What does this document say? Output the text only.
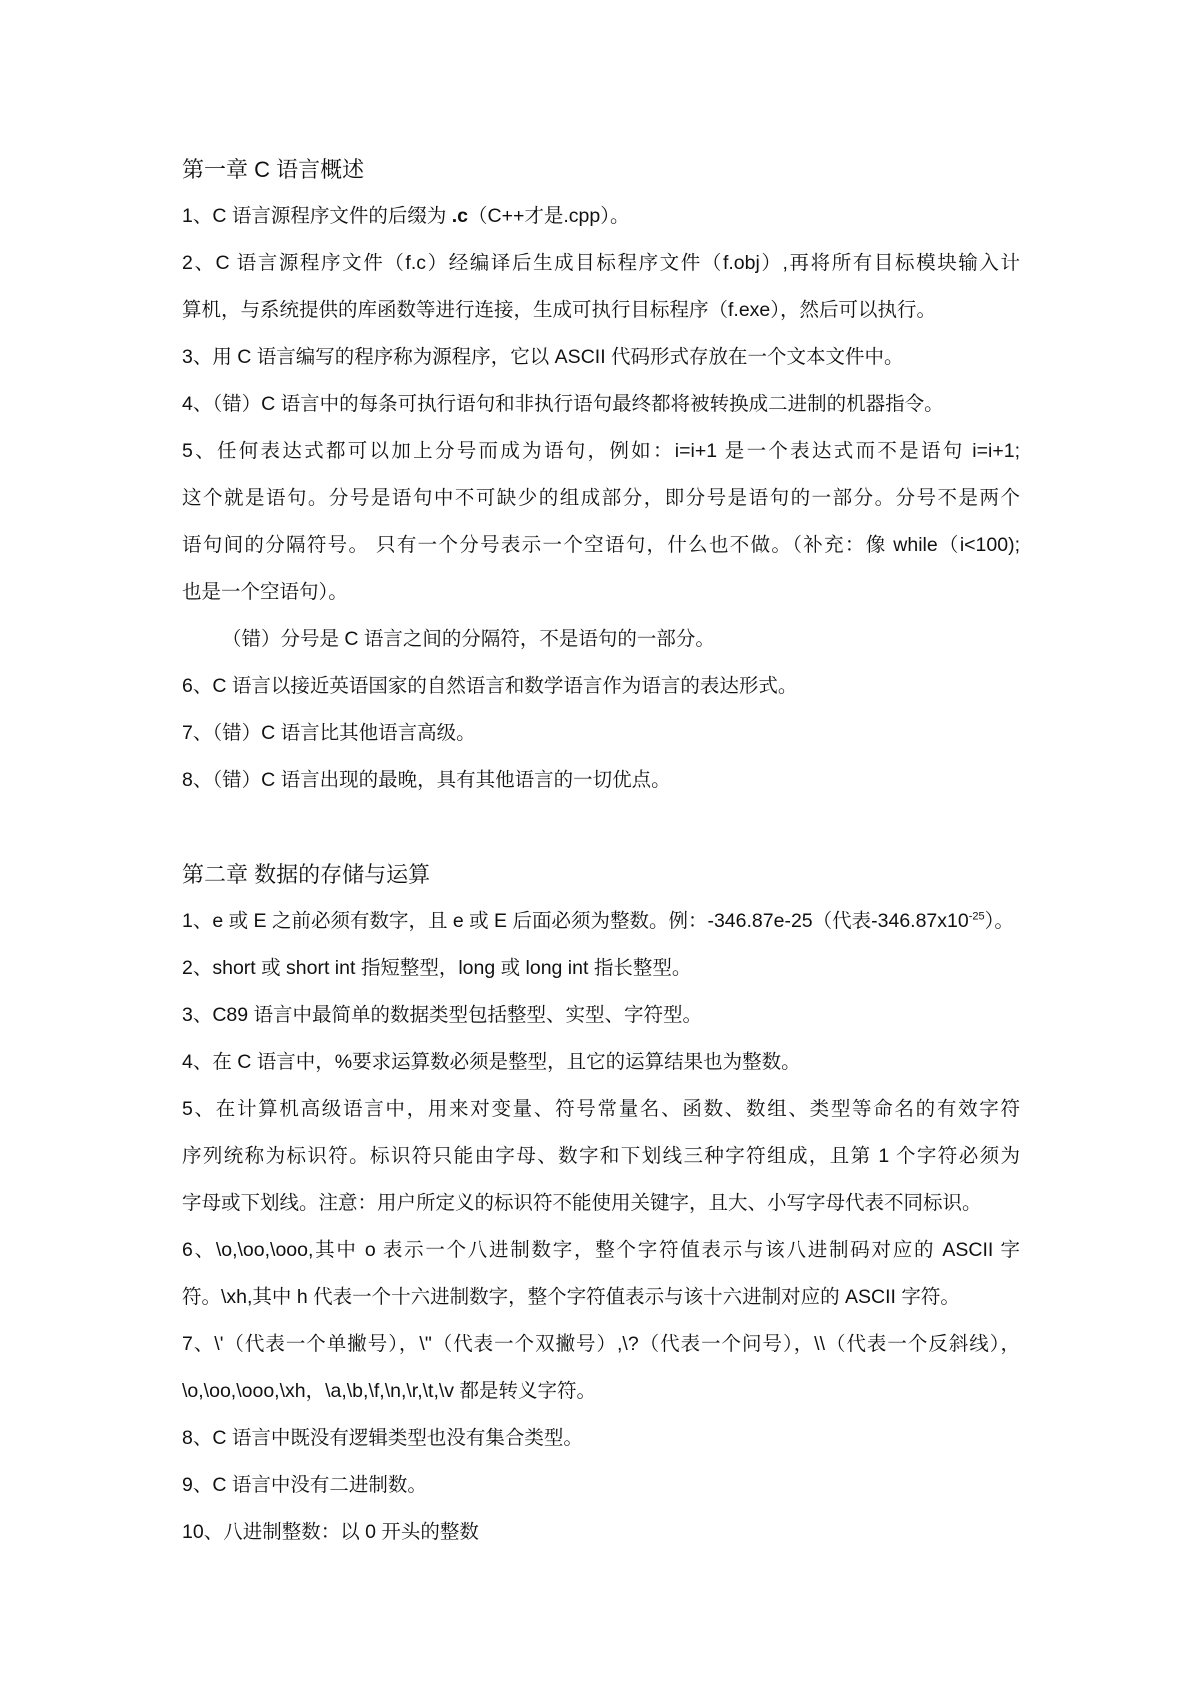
第一章 C 语言概述
1、C 语言源程序文件的后缀为 .c（C++才是.cpp）。
2、C 语言源程序文件（f.c）经编译后生成目标程序文件（f.obj）,再将所有目标模块输入计
算机，与系统提供的库函数等进行连接，生成可执行目标程序（f.exe），然后可以执行。
3、用 C 语言编写的程序称为源程序，它以 ASCII 代码形式存放在一个文本文件中。
4、（错）C 语言中的每条可执行语句和非执行语句最终都将被转换成二进制的机器指令。
5、任何表达式都可以加上分号而成为语句，例如：i=i+1 是一个表达式而不是语句 i=i+1;
这个就是语句。分号是语句中不可缺少的组成部分，即分号是语句的一部分。分号不是两个
语句间的分隔符号。 只有一个分号表示一个空语句，什么也不做。（补充：像 while（i<100);
也是一个空语句）。
（错）分号是 C 语言之间的分隔符，不是语句的一部分。
6、C 语言以接近英语国家的自然语言和数学语言作为语言的表达形式。
7、（错）C 语言比其他语言高级。
8、（错）C 语言出现的最晚，具有其他语言的一切优点。
第二章 数据的存储与运算
1、e 或 E 之前必须有数字，且 e 或 E 后面必须为整数。例：-346.87e-25（代表$-346.87x10^{-25}$）。
2、short 或 short int 指短整型，long 或 long int 指长整型。
3、C89 语言中最简单的数据类型包括整型、实型、字符型。
4、在 C 语言中，%要求运算数必须是整型，且它的运算结果也为整数。
5、在计算机高级语言中，用来对变量、符号常量名、函数、数组、类型等命名的有效字符
序列统称为标识符。标识符只能由字母、数字和下划线三种字符组成，且第 1 个字符必须为
字母或下划线。注意：用户所定义的标识符不能使用关键字，且大、小写字母代表不同标识。
6、\o,\oo,\ooo,其中 o 表示一个八进制数字，整个字符值表示与该八进制码对应的 ASCII 字
符。\xh,其中 h 代表一个十六进制数字，整个字符值表示与该十六进制对应的 ASCII 字符。
7、\'（代表一个单撇号），\"（代表一个双撇号）,\?（代表一个问号），\\（代表一个反斜线），
\o,\oo,\ooo,\xh，\a,\b,\f,\n,\r,\t,\v 都是转义字符。
8、C 语言中既没有逻辑类型也没有集合类型。
9、C 语言中没有二进制数。
10、八进制整数：以 0 开头的整数
